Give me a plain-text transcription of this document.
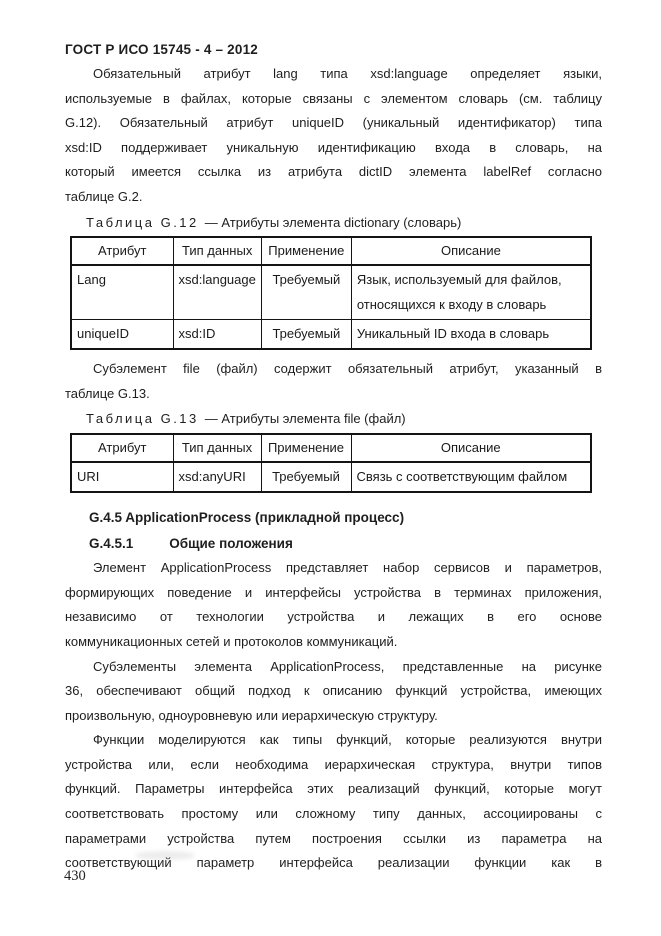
ГОСТ Р ИСО 15745 - 4 – 2012
Обязательный атрибут lang типа xsd:language определяет языки,
используемые в файлах, которые связаны с элементом словарь (см. таблицу
G.12). Обязательный атрибут uniqueID (уникальный идентификатор) типа
xsd:ID поддерживает уникальную идентификацию входа в словарь, на
который имеется ссылка из атрибута dictID элемента labelRef согласно
таблице G.2.
Таблица G.12 — Атрибуты элемента dictionary (словарь)
Атрибут	Тип данных	Применение	Описание
Lang	xsd:language	Требуемый	Язык, используемый для файлов, относящихся к входу в словарь
uniqueID	xsd:ID	Требуемый	Уникальный ID входа в словарь
Субэлемент file (файл) содержит обязательный атрибут, указанный в
таблице G.13.
Таблица G.13 — Атрибуты элемента file (файл)
Атрибут	Тип данных	Применение	Описание
URI	xsd:anyURI	Требуемый	Связь с соответствующим файлом
G.4.5 ApplicationProcess (прикладной процесс)
G.4.5.1	Общие положения
Элемент ApplicationProcess представляет набор сервисов и параметров,
формирующих поведение и интерфейсы устройства в терминах приложения,
независимо от технологии устройства и лежащих в его основе
коммуникационных сетей и протоколов коммуникаций.
Субэлементы элемента ApplicationProcess, представленные на рисунке
36, обеспечивают общий подход к описанию функций устройства, имеющих
произвольную, одноуровневую или иерархическую структуру.
Функции моделируются как типы функций, которые реализуются внутри
устройства или, если необходима иерархическая структура, внутри типов
функций. Параметры интерфейса этих реализаций функций, которые могут
соответствовать простому или сложному типу данных, ассоциированы с
параметрами устройства путем построения ссылки из параметра на
соответствующий параметр интерфейса реализации функции как в
430
